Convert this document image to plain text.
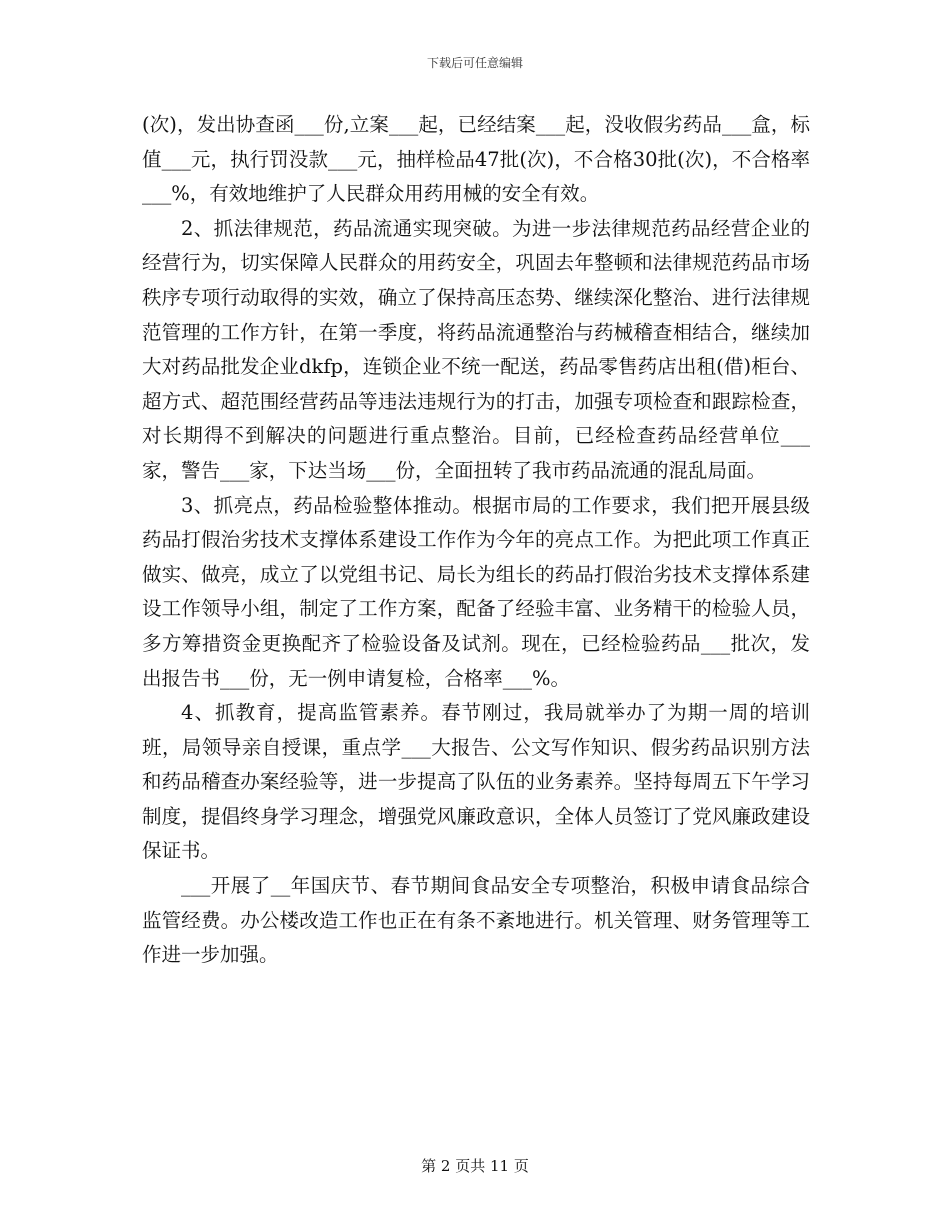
下载后可任意编辑

(次)，发出协查函___份,立案___起，已经结案___起，没收假劣药品___盒，标值___元，执行罚没款___元，抽样检品47批(次)，不合格30批(次)，不合格率___%，有效地维护了人民群众用药用械的安全有效。

2、抓法律规范，药品流通实现突破。为进一步法律规范药品经营企业的经营行为，切实保障人民群众的用药安全，巩固去年整顿和法律规范药品市场秩序专项行动取得的实效，确立了保持高压态势、继续深化整治、进行法律规范管理的工作方针，在第一季度，将药品流通整治与药械稽查相结合，继续加大对药品批发企业dkfp，连锁企业不统一配送，药品零售药店出租(借)柜台、超方式、超范围经营药品等违法违规行为的打击，加强专项检查和跟踪检查，对长期得不到解决的问题进行重点整治。目前，已经检查药品经营单位___家，警告___家，下达当场___份，全面扭转了我市药品流通的混乱局面。

3、抓亮点，药品检验整体推动。根据市局的工作要求，我们把开展县级药品打假治劣技术支撑体系建设工作作为今年的亮点工作。为把此项工作真正做实、做亮，成立了以党组书记、局长为组长的药品打假治劣技术支撑体系建设工作领导小组，制定了工作方案，配备了经验丰富、业务精干的检验人员，多方筹措资金更换配齐了检验设备及试剂。现在，已经检验药品___批次，发出报告书___份，无一例申请复检，合格率___%。

4、抓教育，提高监管素养。春节刚过，我局就举办了为期一周的培训班，局领导亲自授课，重点学___大报告、公文写作知识、假劣药品识别方法和药品稽查办案经验等，进一步提高了队伍的业务素养。坚持每周五下午学习制度，提倡终身学习理念，增强党风廉政意识，全体人员签订了党风廉政建设保证书。

___开展了__年国庆节、春节期间食品安全专项整治，积极申请食品综合监管经费。办公楼改造工作也正在有条不紊地进行。机关管理、财务管理等工作进一步加强。

第 2 页共 11 页
